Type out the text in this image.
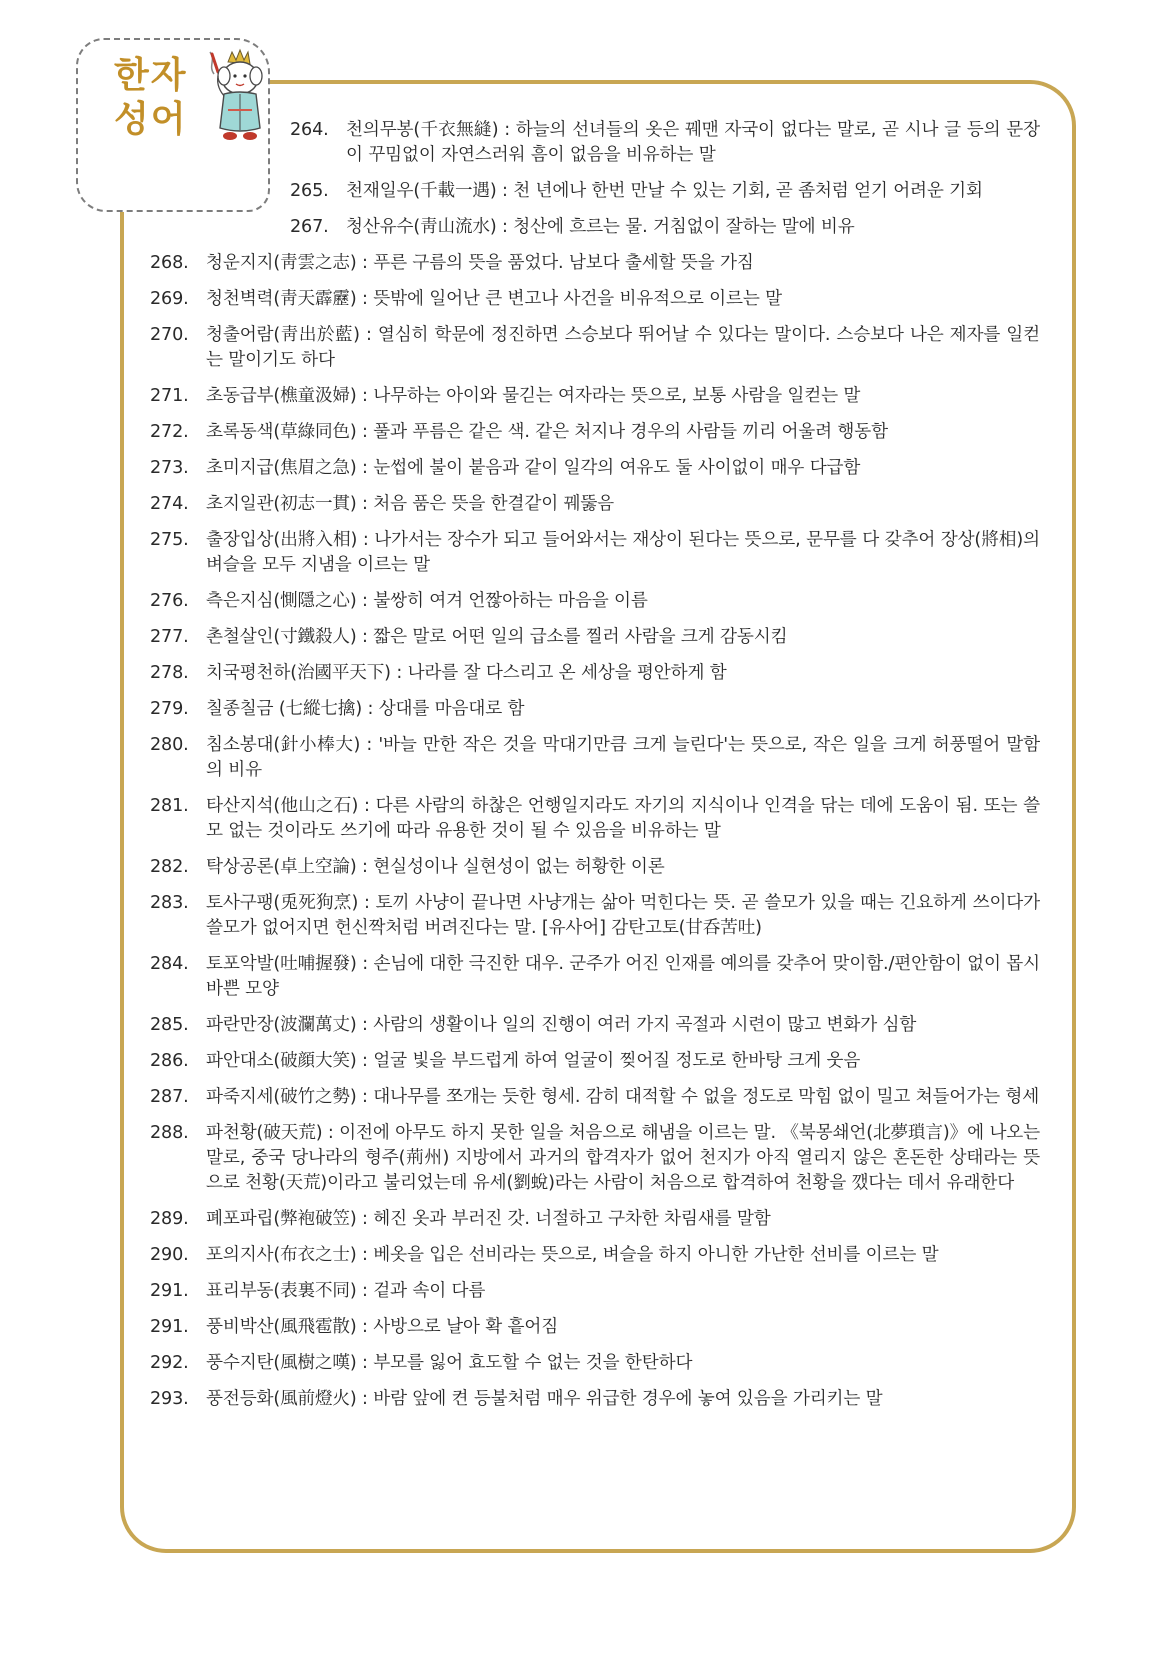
한자
성어	264. 천의무봉(千衣無縫) : 하늘의 선녀들의 옷은 꿰맨 자국이 없다는 말로, 곧 시나 글 등의 문장이 꾸밈없이 자연스러워 흠이 없음을 비유하는 말
265. 천재일우(千載一遇) : 천 년에나 한번 만날 수 있는 기회, 곧 좀처럼 얻기 어려운 기회
267. 청산유수(靑山流水) : 청산에 흐르는 물. 거침없이 잘하는 말에 비유
268. 청운지지(靑雲之志) : 푸른 구름의 뜻을 품었다. 남보다 출세할 뜻을 가짐
269. 청천벽력(靑天霹靂) : 뜻밖에 일어난 큰 변고나 사건을 비유적으로 이르는 말
270. 청출어람(靑出於藍) : 열심히 학문에 정진하면 스승보다 뛰어날 수 있다는 말이다. 스승보다 나은 제자를 일컫는 말이기도 하다
271. 초동급부(樵童汲婦) : 나무하는 아이와 물긷는 여자라는 뜻으로, 보통 사람을 일컫는 말
272. 초록동색(草綠同色) : 풀과 푸름은 같은 색. 같은 처지나 경우의 사람들 끼리 어울려 행동함
273. 초미지급(焦眉之急) : 눈썹에 불이 붙음과 같이 일각의 여유도 둘 사이없이 매우 다급함
274. 초지일관(初志一貫) : 처음 품은 뜻을 한결같이 꿰뚫음
275. 출장입상(出將入相) : 나가서는 장수가 되고 들어와서는 재상이 된다는 뜻으로, 문무를 다 갖추어 장상(將相)의 벼슬을 모두 지냄을 이르는 말
276. 측은지심(惻隱之心) : 불쌍히 여겨 언짢아하는 마음을 이름
277. 촌철살인(寸鐵殺人) : 짧은 말로 어떤 일의 급소를 찔러 사람을 크게 감동시킴
278. 치국평천하(治國平天下) : 나라를 잘 다스리고 온 세상을 평안하게 함
279. 칠종칠금 (七縱七擒) : 상대를 마음대로 함
280. 침소봉대(針小棒大) : '바늘 만한 작은 것을 막대기만큼 크게 늘린다'는 뜻으로, 작은 일을 크게 허풍떨어 말함의 비유
281. 타산지석(他山之石) : 다른 사람의 하찮은 언행일지라도 자기의 지식이나 인격을 닦는 데에 도움이 됨. 또는 쓸모 없는 것이라도 쓰기에 따라 유용한 것이 될 수 있음을 비유하는 말
282. 탁상공론(卓上空論) : 현실성이나 실현성이 없는 허황한 이론
283. 토사구팽(兎死狗烹) : 토끼 사냥이 끝나면 사냥개는 삶아 먹힌다는 뜻. 곧 쓸모가 있을 때는 긴요하게 쓰이다가 쓸모가 없어지면 헌신짝처럼 버려진다는 말. [유사어] 감탄고토(甘呑苦吐)
284. 토포악발(吐哺握發) : 손님에 대한 극진한 대우. 군주가 어진 인재를 예의를 갖추어 맞이함./편안함이 없이 몹시 바쁜 모양
285. 파란만장(波瀾萬丈) : 사람의 생활이나 일의 진행이 여러 가지 곡절과 시련이 많고 변화가 심함
286. 파안대소(破顔大笑) : 얼굴 빛을 부드럽게 하여 얼굴이 찢어질 정도로 한바탕 크게 웃음
287. 파죽지세(破竹之勢) : 대나무를 쪼개는 듯한 형세. 감히 대적할 수 없을 정도로 막힘 없이 밀고 쳐들어가는 형세
288. 파천황(破天荒) : 이전에 아무도 하지 못한 일을 처음으로 해냄을 이르는 말. 《북몽쇄언(北夢瑣言)》에 나오는 말로, 중국 당나라의 형주(荊州) 지방에서 과거의 합격자가 없어 천지가 아직 열리지 않은 혼돈한 상태라는 뜻으로 천황(天荒)이라고 불리었는데 유세(劉蛻)라는 사람이 처음으로 합격하여 천황을 깼다는 데서 유래한다
289. 폐포파립(弊袍破笠) : 헤진 옷과 부러진 갓. 너절하고 구차한 차림새를 말함
290. 포의지사(布衣之士) : 베옷을 입은 선비라는 뜻으로, 벼슬을 하지 아니한 가난한 선비를 이르는 말
291. 표리부동(表裏不同) : 겉과 속이 다름
291. 풍비박산(風飛雹散) : 사방으로 날아 확 흩어짐
292. 풍수지탄(風樹之嘆) : 부모를 잃어 효도할 수 없는 것을 한탄하다
293. 풍전등화(風前燈火) : 바람 앞에 켠 등불처럼 매우 위급한 경우에 놓여 있음을 가리키는 말
